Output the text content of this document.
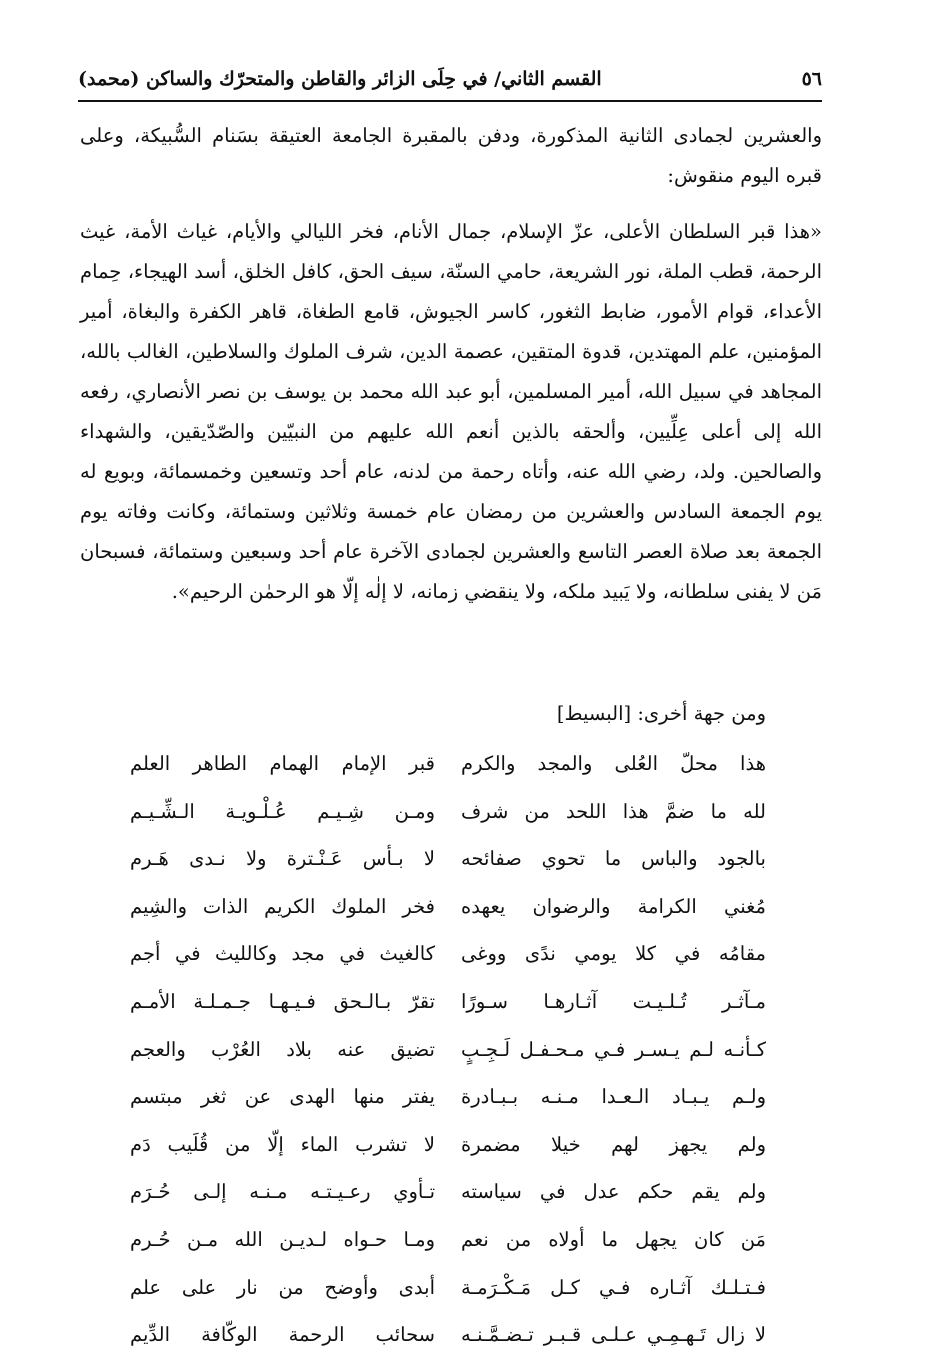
٥٦
القسم الثاني/ في حِلَى الزائر والقاطن والمتحرّك والساكن (محمد)

والعشرين لجمادى الثانية المذكورة، ودفن بالمقبرة الجامعة العتيقة بسَنام السُّبيكة، وعلى قبره اليوم منقوش:

«هذا قبر السلطان الأعلى، عزّ الإسلام، جمال الأنام، فخر الليالي والأيام، غياث الأمة، غيث الرحمة، قطب الملة، نور الشريعة، حامي السنّة، سيف الحق، كافل الخلق، أسد الهيجاء، حِمام الأعداء، قوام الأمور، ضابط الثغور، كاسر الجيوش، قامع الطغاة، قاهر الكفرة والبغاة، أمير المؤمنين، علم المهتدين، قدوة المتقين، عصمة الدين، شرف الملوك والسلاطين، الغالب بالله، المجاهد في سبيل الله، أمير المسلمين، أبو عبد الله محمد بن يوسف بن نصر الأنصاري، رفعه الله إلى أعلى عِلِّيين، وألحقه بالذين أنعم الله عليهم من النبيّين والصّدّيقين، والشهداء والصالحين. ولد، رضي الله عنه، وأتاه رحمة من لدنه، عام أحد وتسعين وخمسمائة، وبويع له يوم الجمعة السادس والعشرين من رمضان عام خمسة وثلاثين وستمائة، وكانت وفاته يوم الجمعة بعد صلاة العصر التاسع والعشرين لجمادى الآخرة عام أحد وسبعين وستمائة، فسبحان مَن لا يفنى سلطانه، ولا يَبيد ملكه، ولا ينقضي زمانه، لا إلٰه إلّا هو الرحمٰن الرحيم».

ومن جهة أخرى: [البسيط]
هذا محلّ العُلى والمجد والكرم
قبر الإمام الهمام الطاهر العلم
لله ما ضمَّ هذا اللحد من شرف
ومـن شِـيـم عُـلْـويـة الـشِّـيـم
بالجود والباس ما تحوي صفائحه
لا بـأس عَـنْـترة ولا نـدى هَـرم
مُغني الكرامة والرضوان يعهده
فخر الملوك الكريم الذات والشِيم
مقامُه في كلا يومي ندًى ووغى
كالغيث في مجد وكالليث في أجم
مـآثـر تُـلـيـت آثـارهـا سـورًا
تقرّ بـالـحق فـيـهـا جـمـلـة الأمـم
كـأنـه لـم يـسـر فـي مـحـفـل لَـجِـبٍ
تضيق عنه بلاد العُرْب والعجم
ولـم يـبـاد الـعـدا مـنـه بـبـادرة
يفتر منها الهدى عن ثغر مبتسم
ولم يجهز لهم خيلا مضمرة
لا تشرب الماء إلّا من قُلَيب دَم
ولم يقم حكم عدل في سياسته
تـأوي رعـيـتـه مـنـه إلـى حُـرَم
مَن كان يجهل ما أولاه من نعم
ومـا حـواه لـديـن الله مـن حُـرم
فـتـلـك آثـاره فـي كـل مَـكْـرَمـة
أبدى وأوضح من نار على علم
لا زال تَـهـمِـي عـلـى قـبـر تـضـمَّـنـه
سحائب الرحمة الوكّافة الدِّيم
